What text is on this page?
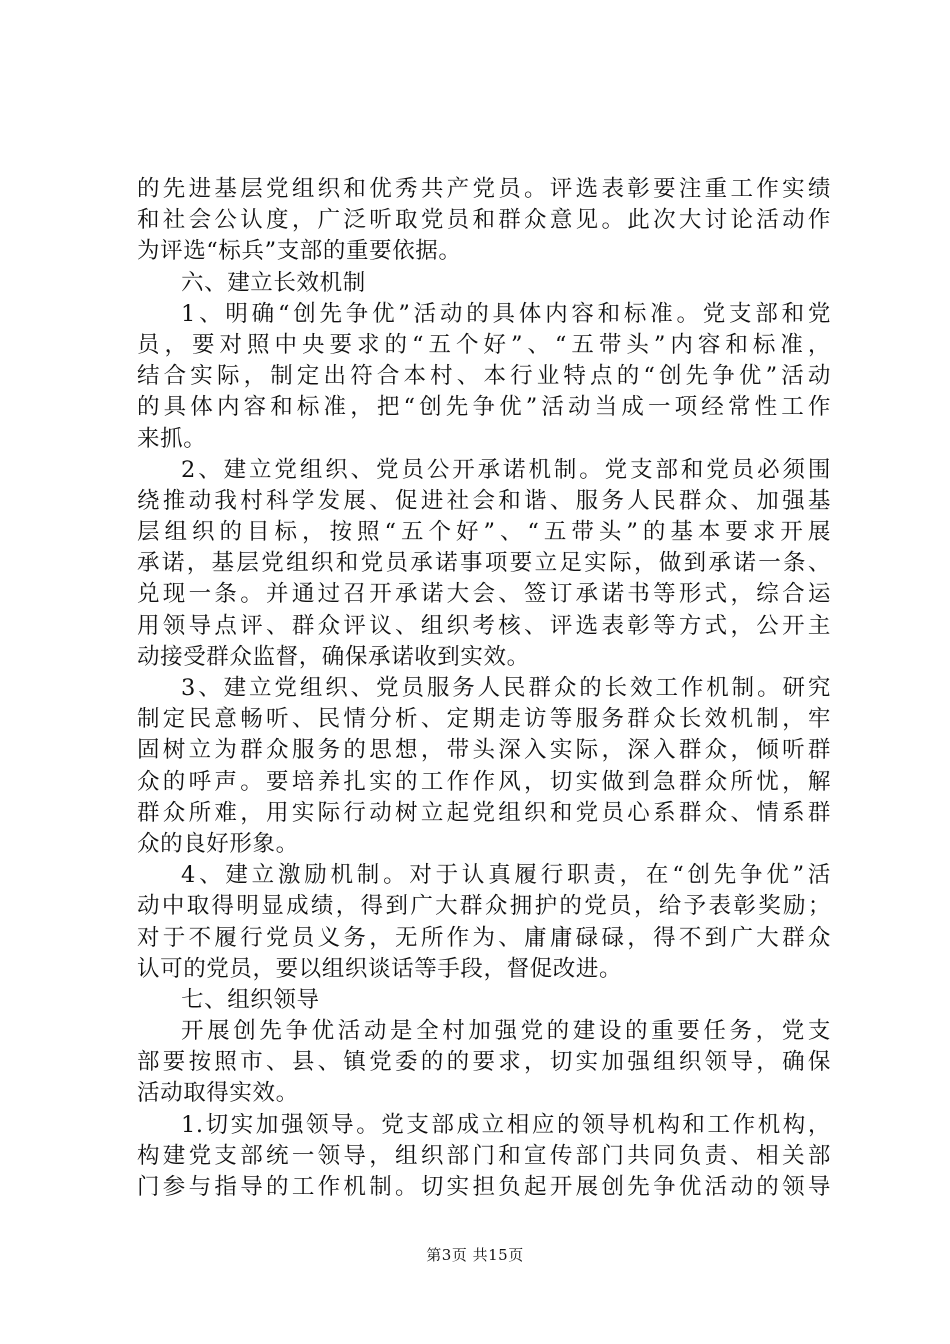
的先进基层党组织和优秀共产党员。评选表彰要注重工作实绩
和社会公认度，广泛听取党员和群众意见。此次大讨论活动作
为评选“标兵”支部的重要依据。
六、建立长效机制
1、明确“创先争优”活动的具体内容和标准。党支部和党
员，要对照中央要求的“五个好”、“五带头”内容和标准，
结合实际，制定出符合本村、本行业特点的“创先争优”活动
的具体内容和标准，把“创先争优”活动当成一项经常性工作
来抓。
2、建立党组织、党员公开承诺机制。党支部和党员必须围
绕推动我村科学发展、促进社会和谐、服务人民群众、加强基
层组织的目标，按照“五个好”、“五带头”的基本要求开展
承诺，基层党组织和党员承诺事项要立足实际，做到承诺一条、
兑现一条。并通过召开承诺大会、签订承诺书等形式，综合运
用领导点评、群众评议、组织考核、评选表彰等方式，公开主
动接受群众监督，确保承诺收到实效。
3、建立党组织、党员服务人民群众的长效工作机制。研究
制定民意畅听、民情分析、定期走访等服务群众长效机制，牢
固树立为群众服务的思想，带头深入实际，深入群众，倾听群
众的呼声。要培养扎实的工作作风，切实做到急群众所忧，解
群众所难，用实际行动树立起党组织和党员心系群众、情系群
众的良好形象。
4、建立激励机制。对于认真履行职责，在“创先争优”活
动中取得明显成绩，得到广大群众拥护的党员，给予表彰奖励；
对于不履行党员义务，无所作为、庸庸碌碌，得不到广大群众
认可的党员，要以组织谈话等手段，督促改进。
七、组织领导
开展创先争优活动是全村加强党的建设的重要任务，党支
部要按照市、县、镇党委的的要求，切实加强组织领导，确保
活动取得实效。
1.切实加强领导。党支部成立相应的领导机构和工作机构，
构建党支部统一领导，组织部门和宣传部门共同负责、相关部
门参与指导的工作机制。切实担负起开展创先争优活动的领导
第3页 共15页
